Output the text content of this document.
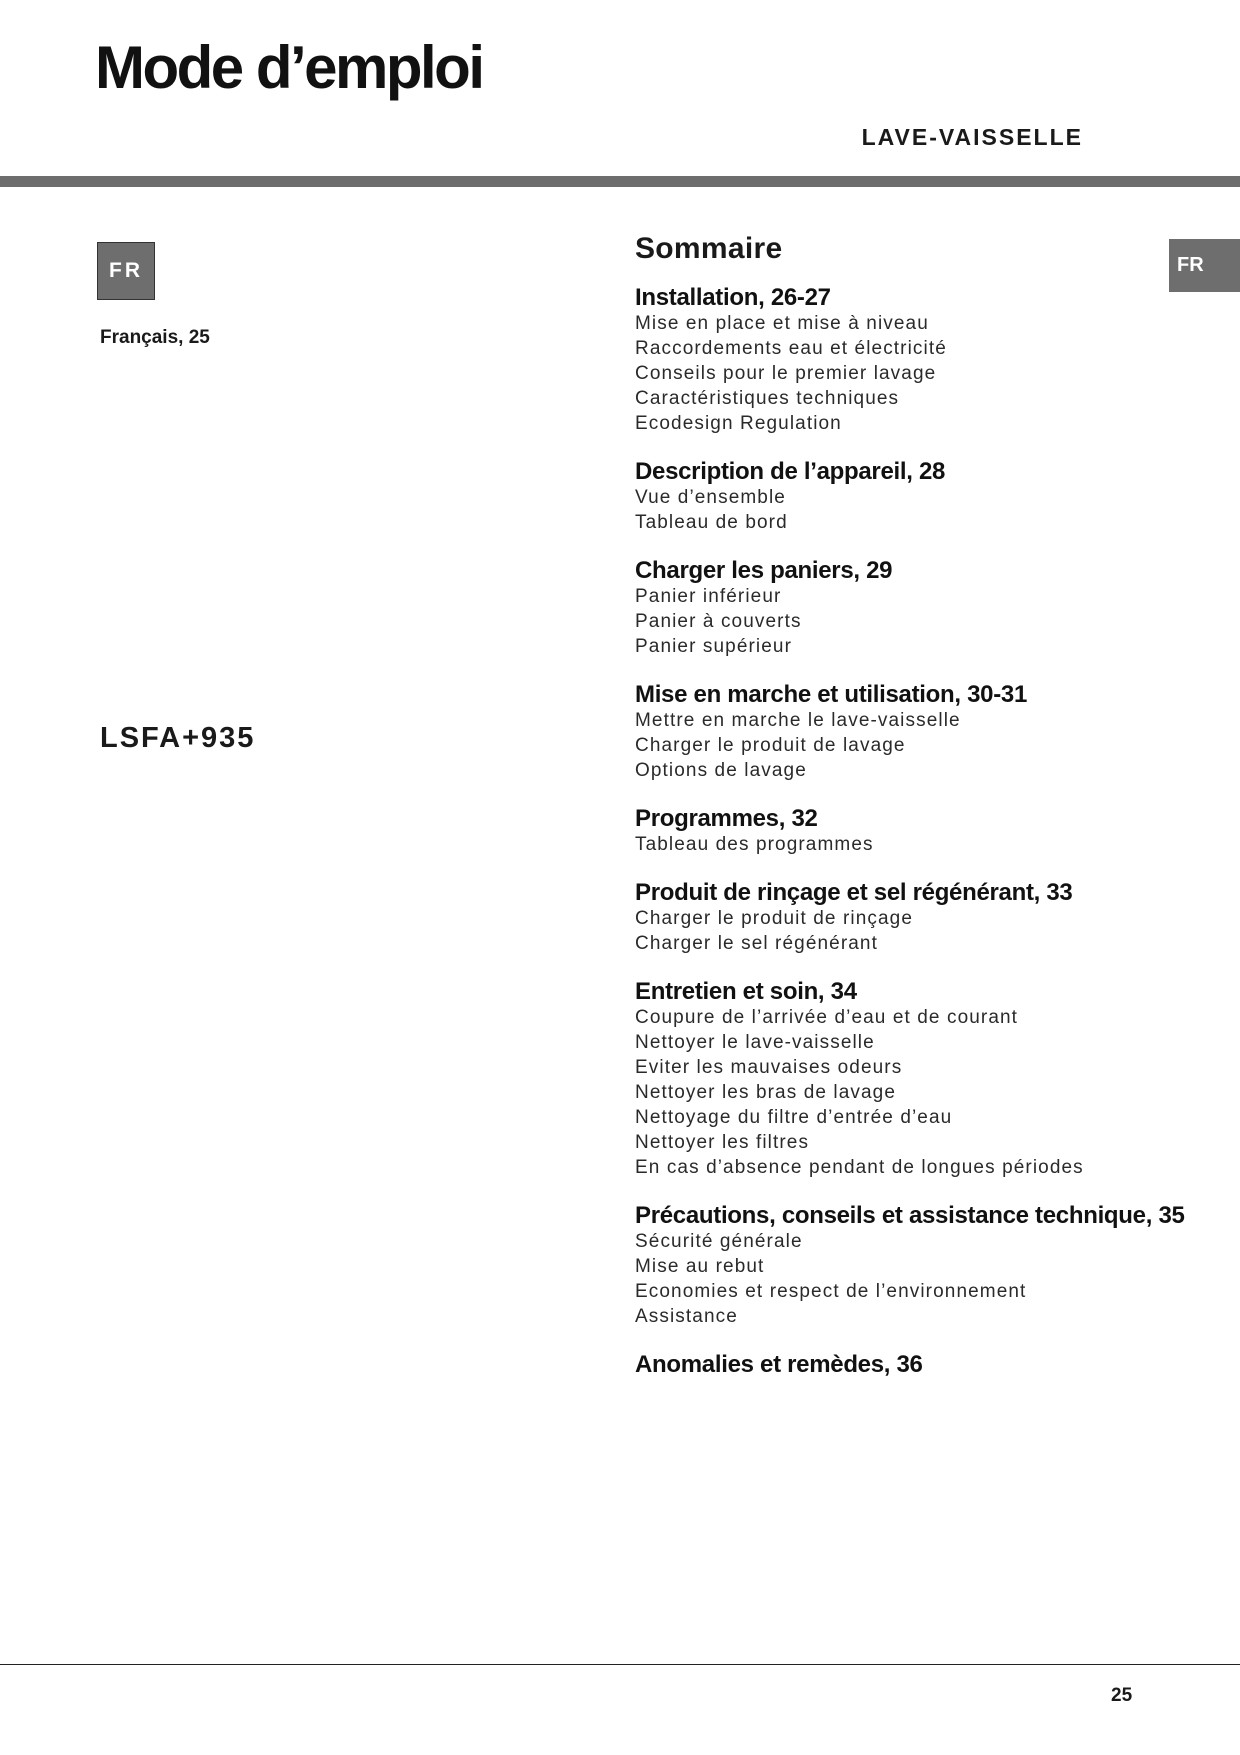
Mode d’emploi
LAVE-VAISSELLE
FR
Français, 25
LSFA+935
FR
Sommaire
Installation, 26-27
Mise en place et mise à niveau
Raccordements eau et électricité
Conseils pour le premier lavage
Caractéristiques techniques
Ecodesign Regulation
Description de l’appareil, 28
Vue d’ensemble
Tableau de bord
Charger les paniers, 29
Panier inférieur
Panier à couverts
Panier supérieur
Mise en marche et utilisation, 30-31
Mettre en marche le lave-vaisselle
Charger le produit de lavage
Options de lavage
Programmes, 32
Tableau des programmes
Produit de rinçage et sel régénérant, 33
Charger le produit de rinçage
Charger le sel régénérant
Entretien et soin, 34
Coupure de l’arrivée d’eau et de courant
Nettoyer le lave-vaisselle
Eviter les mauvaises odeurs
Nettoyer les bras de lavage
Nettoyage du filtre d’entrée d’eau
Nettoyer les filtres
En cas d’absence pendant de longues périodes
Précautions, conseils et assistance technique, 35
Sécurité générale
Mise au rebut
Economies et respect de l’environnement
Assistance
Anomalies et remèdes, 36
25
